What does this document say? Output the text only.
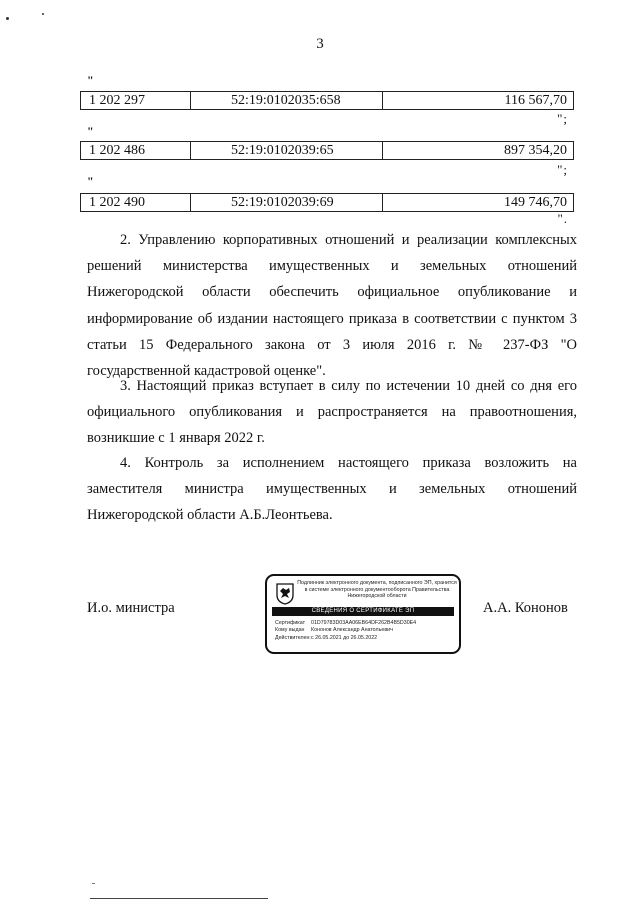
3
"
1 202 297	52:19:0102035:658	116 567,70
";
"
1 202 486	52:19:0102039:65	897 354,20
";
"
1 202 490	52:19:0102039:69	149 746,70
".
2. Управлению корпоративных отношений и реализации комплексных решений министерства имущественных и земельных отношений Нижегородской области обеспечить официальное опубликование и информирование об издании настоящего приказа в соответствии с пунктом 3 статьи 15 Федерального закона от 3 июля 2016 г. № 237-ФЗ "О государственной кадастровой оценке".
3. Настоящий приказ вступает в силу по истечении 10 дней со дня его официального опубликования и распространяется на правоотношения, возникшие с 1 января 2022 г.
4. Контроль за исполнением настоящего приказа возложить на заместителя министра имущественных и земельных отношений Нижегородской области А.Б.Леонтьева.
И.о. министра
Подлинник электронного документа, подписанного ЭП, хранится в системе электронного документооборота Правительства Нижегородской области
СВЕДЕНИЯ О СЕРТИФИКАТЕ ЭП
Сертификат 01D79783D03AA06EB64DF262B4B5D30E4
Кому выдан Кононов Александр Анатольевич
Действителен:с 26.05.2021 до 26.05.2022
А.А. Кононов
